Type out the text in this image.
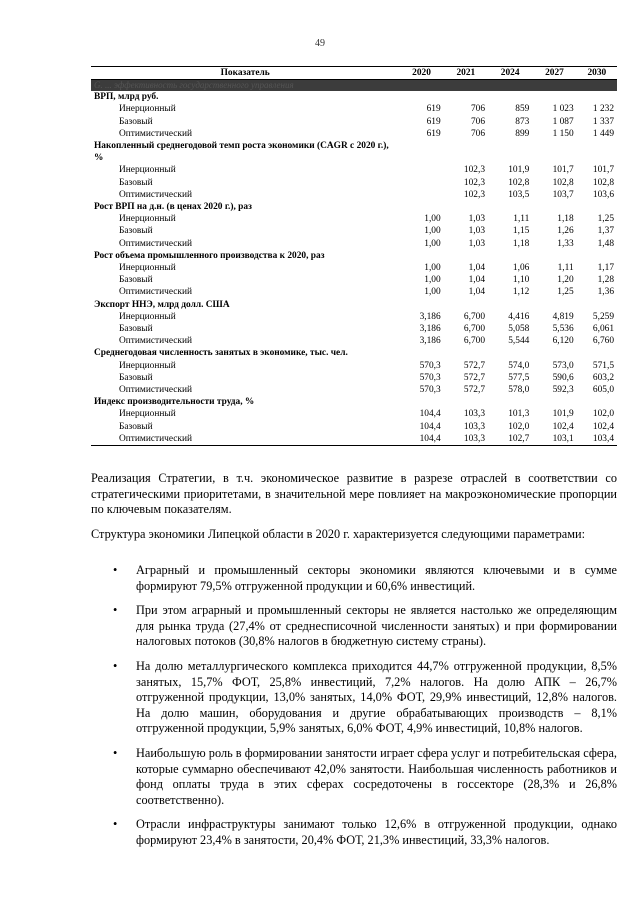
49
Показатель	2020	2021	2024	2027	2030
G. ... эффективность государственного управления					
ВРП, млрд руб.					
Инерционный	619	706	859	1 023	1 232
Базовый	619	706	873	1 087	1 337
Оптимистический	619	706	899	1 150	1 449
Накопленный среднегодовой темп роста экономики (CAGR с 2020 г.), %					
Инерционный		102,3	101,9	101,7	101,7
Базовый		102,3	102,8	102,8	102,8
Оптимистический		102,3	103,5	103,7	103,6
Рост ВРП на д.н. (в ценах 2020 г.), раз					
Инерционный	1,00	1,03	1,11	1,18	1,25
Базовый	1,00	1,03	1,15	1,26	1,37
Оптимистический	1,00	1,03	1,18	1,33	1,48
Рост объема промышленного производства к 2020, раз					
Инерционный	1,00	1,04	1,06	1,11	1,17
Базовый	1,00	1,04	1,10	1,20	1,28
Оптимистический	1,00	1,04	1,12	1,25	1,36
Экспорт ННЭ, млрд долл. США					
Инерционный	3,186	6,700	4,416	4,819	5,259
Базовый	3,186	6,700	5,058	5,536	6,061
Оптимистический	3,186	6,700	5,544	6,120	6,760
Среднегодовая численность занятых в экономике, тыс. чел.					
Инерционный	570,3	572,7	574,0	573,0	571,5
Базовый	570,3	572,7	577,5	590,6	603,2
Оптимистический	570,3	572,7	578,0	592,3	605,0
Индекс производительности труда, %					
Инерционный	104,4	103,3	101,3	101,9	102,0
Базовый	104,4	103,3	102,0	102,4	102,4
Оптимистический	104,4	103,3	102,7	103,1	103,4
Реализация Стратегии, в т.ч. экономическое развитие в разрезе отраслей в соответствии со стратегическими приоритетами, в значительной мере повлияет на макроэкономические пропорции по ключевым показателям.
Структура экономики Липецкой области в 2020 г. характеризуется следующими параметрами:
• Аграрный и промышленный секторы экономики являются ключевыми и в сумме формируют 79,5% отгруженной продукции и 60,6% инвестиций.
• При этом аграрный и промышленный секторы не является настолько же определяющим для рынка труда (27,4% от среднесписочной численности занятых) и при формировании налоговых потоков (30,8% налогов в бюджетную систему страны).
• На долю металлургического комплекса приходится 44,7% отгруженной продукции, 8,5% занятых, 15,7% ФОТ, 25,8% инвестиций, 7,2% налогов. На долю АПК – 26,7% отгруженной продукции, 13,0% занятых, 14,0% ФОТ, 29,9% инвестиций, 12,8% налогов. На долю машин, оборудования и другие обрабатывающих производств – 8,1% отгруженной продукции, 5,9% занятых, 6,0% ФОТ, 4,9% инвестиций, 10,8% налогов.
• Наибольшую роль в формировании занятости играет сфера услуг и потребительская сфера, которые суммарно обеспечивают 42,0% занятости. Наибольшая численность работников и фонд оплаты труда в этих сферах сосредоточены в госсекторе (28,3% и 26,8% соответственно).
• Отрасли инфраструктуры занимают только 12,6% в отгруженной продукции, однако формируют 23,4% в занятости, 20,4% ФОТ, 21,3% инвестиций, 33,3% налогов.
